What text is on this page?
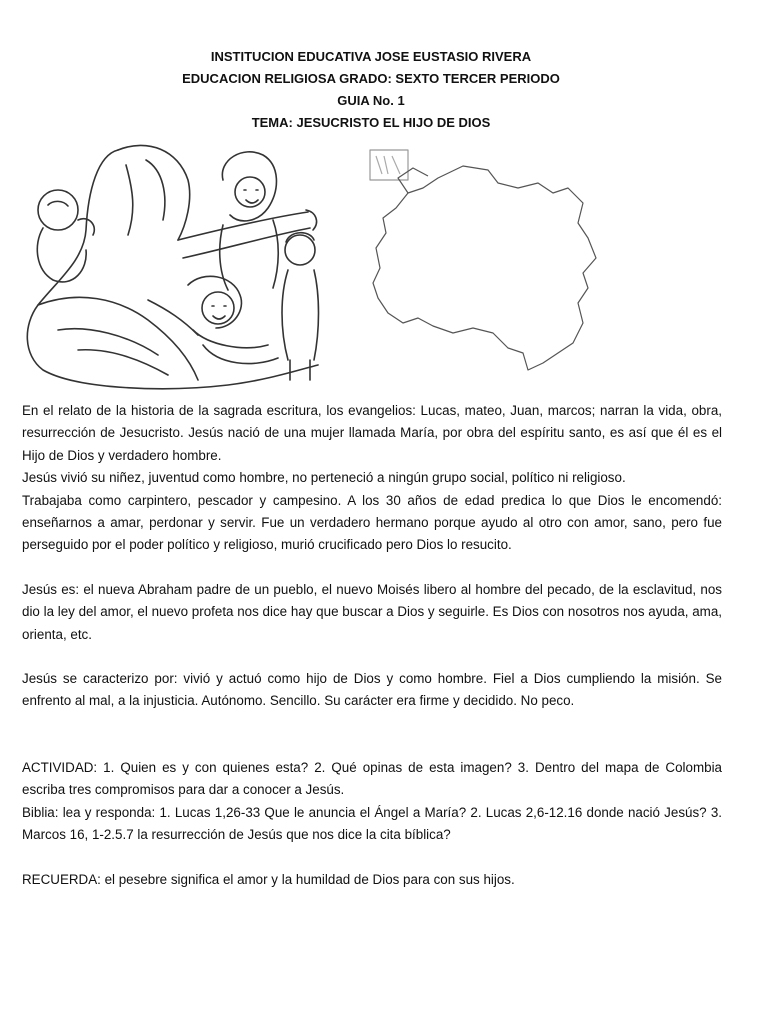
INSTITUCION EDUCATIVA JOSE EUSTASIO RIVERA
EDUCACION RELIGIOSA GRADO: SEXTO TERCER PERIODO
GUIA No. 1
TEMA: JESUCRISTO EL HIJO DE DIOS

En el relato de la historia de la sagrada escritura, los evangelios: Lucas, mateo, Juan, marcos; narran la vida, obra, resurrección de Jesucristo. Jesús nació de una mujer llamada María, por obra del espíritu santo, es así que él es el Hijo de Dios y verdadero hombre.

Jesús vivió su niñez, juventud como hombre, no perteneció a ningún grupo social, político ni religioso.

Trabajaba como carpintero, pescador y campesino. A los 30 años de edad predica lo que Dios le encomendó: enseñarnos a amar, perdonar y servir. Fue un verdadero hermano porque ayudo al otro con amor, sano, pero fue perseguido por el poder político y religioso, murió crucificado pero Dios lo resucito.

Jesús es: el nueva Abraham padre de un pueblo, el nuevo Moisés libero al hombre del pecado, de la esclavitud, nos dio la ley del amor, el nuevo profeta nos dice hay que buscar a Dios y seguirle. Es Dios con nosotros nos ayuda, ama, orienta, etc.

Jesús se caracterizo por: vivió y actuó como hijo de Dios y como hombre. Fiel a Dios cumpliendo la misión. Se enfrento al mal, a la injusticia. Autónomo. Sencillo. Su carácter era firme y decidido. No peco.

ACTIVIDAD: 1. Quien es y con quienes esta? 2. Qué opinas de esta imagen? 3. Dentro del mapa de Colombia escriba tres compromisos para dar a conocer a Jesús.

Biblia: lea y responda: 1. Lucas 1,26-33 Que le anuncia el Ángel a María? 2. Lucas 2,6-12.16 donde nació Jesús? 3. Marcos 16, 1-2.5.7 la resurrección de Jesús que nos dice la cita bíblica?

RECUERDA: el pesebre significa el amor y la humildad de Dios para con sus hijos.
